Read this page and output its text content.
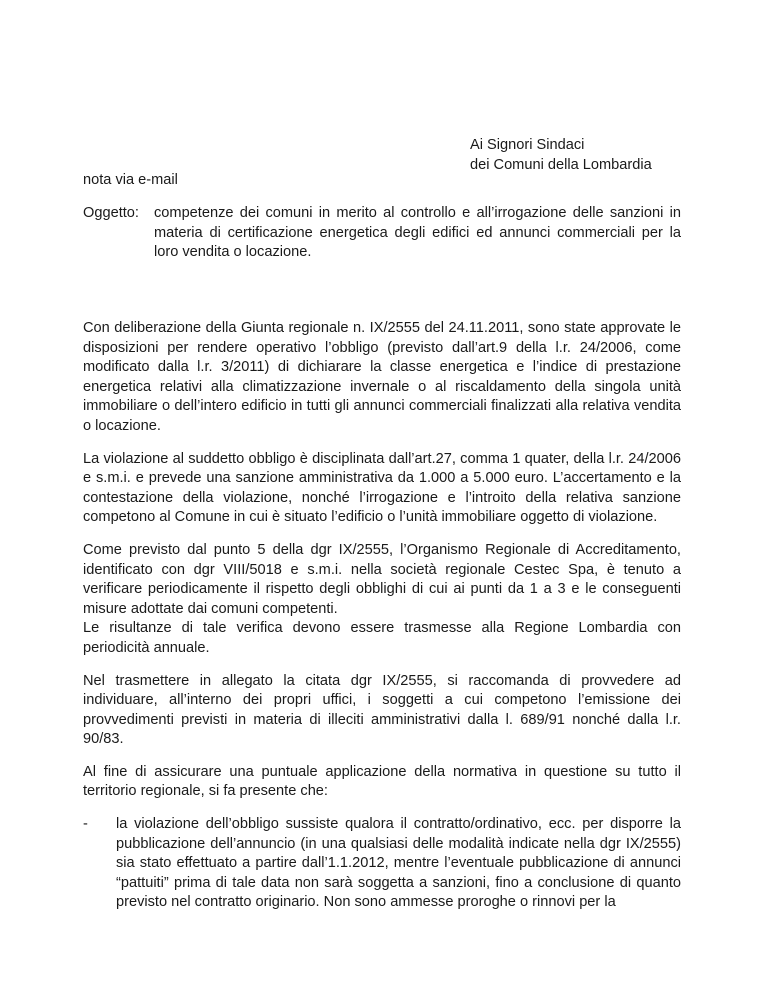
Ai Signori Sindaci
dei Comuni della Lombardia
nota via e-mail
Oggetto:	competenze dei comuni in merito al controllo e all’irrogazione delle sanzioni in materia di certificazione energetica degli edifici ed annunci commerciali per la loro vendita o locazione.

Con deliberazione della Giunta regionale n. IX/2555 del 24.11.2011, sono state approvate le disposizioni per rendere operativo l’obbligo (previsto dall’art.9 della l.r. 24/2006, come modificato dalla l.r. 3/2011) di dichiarare la classe energetica e l’indice di prestazione energetica relativi alla climatizzazione invernale o al riscaldamento della singola unità immobiliare o dell’intero edificio in tutti gli annunci commerciali finalizzati alla relativa vendita o locazione.

La violazione al suddetto obbligo è disciplinata dall’art.27, comma 1 quater, della l.r. 24/2006 e s.m.i. e prevede una sanzione amministrativa da 1.000 a 5.000 euro. L’accertamento e la contestazione della violazione, nonché l’irrogazione e l’introito della relativa sanzione competono al Comune in cui è situato l’edificio o l’unità immobiliare oggetto di violazione.

Come previsto dal punto 5 della dgr IX/2555, l’Organismo Regionale di Accreditamento, identificato con dgr VIII/5018 e s.m.i. nella società regionale Cestec Spa, è tenuto a verificare periodicamente il rispetto degli obblighi di cui ai punti da 1 a 3 e le conseguenti misure adottate dai comuni competenti.

Le risultanze di tale verifica devono essere trasmesse alla Regione Lombardia con periodicità annuale.

Nel trasmettere in allegato la citata dgr IX/2555, si raccomanda di provvedere ad individuare, all’interno dei propri uffici, i soggetti a cui competono l’emissione dei provvedimenti previsti in materia di illeciti amministrativi dalla l. 689/91 nonché dalla l.r. 90/83.

Al fine di assicurare una puntuale applicazione della normativa in questione su tutto il territorio regionale, si fa presente che:

-	la violazione dell’obbligo sussiste qualora il contratto/ordinativo, ecc. per disporre la pubblicazione dell’annuncio (in una qualsiasi delle modalità indicate nella dgr IX/2555) sia stato effettuato a partire dall’1.1.2012, mentre l’eventuale pubblicazione di annunci “pattuiti” prima di tale data non sarà soggetta a sanzioni, fino a conclusione di quanto previsto nel contratto originario. Non sono ammesse proroghe o rinnovi per la
